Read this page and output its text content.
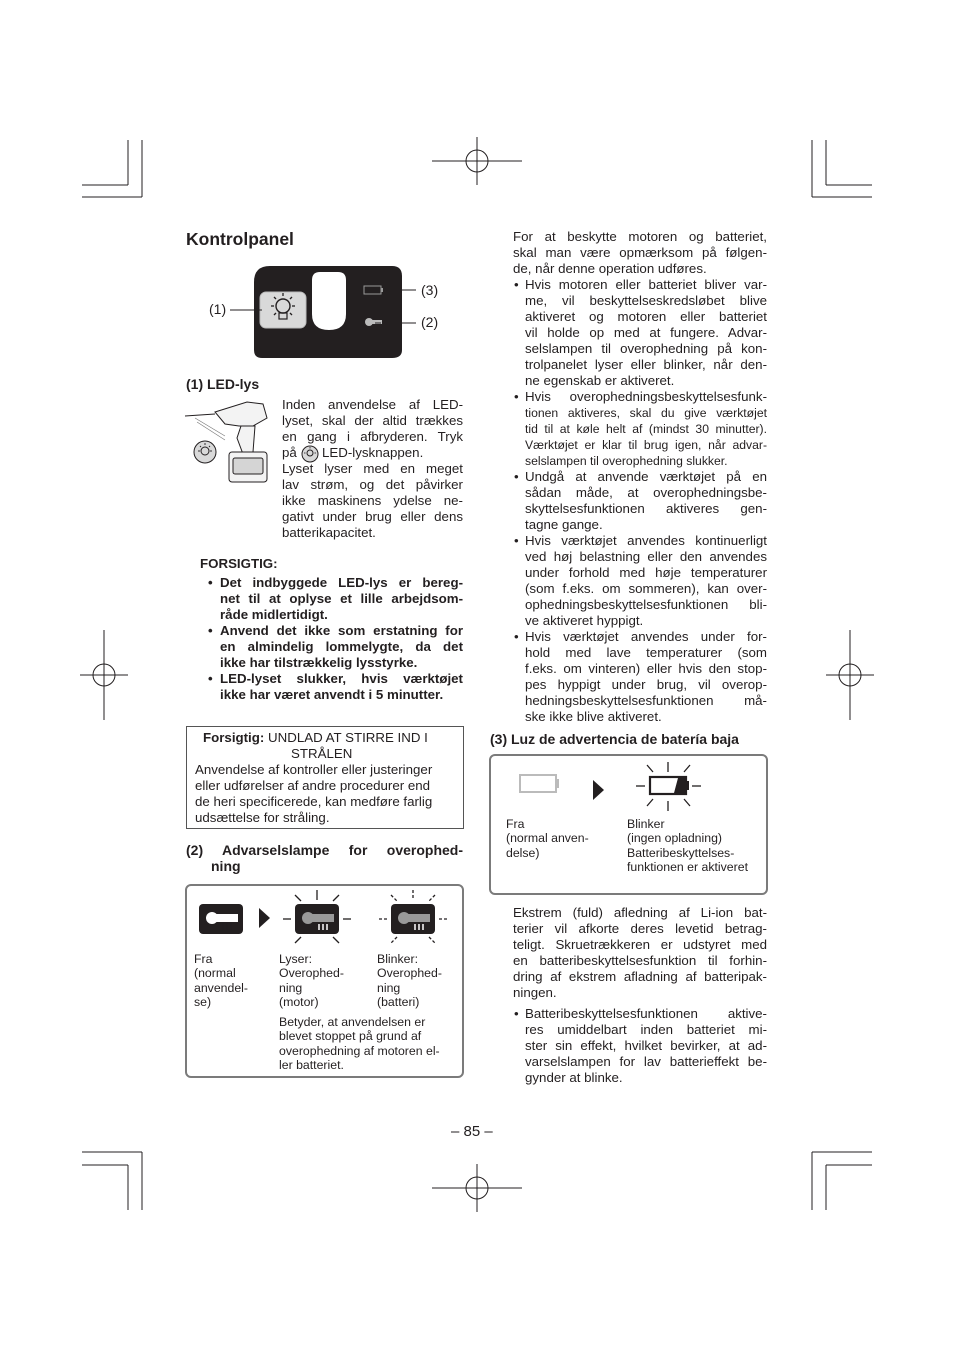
Kontrolpanel
(1)
(3)
(2)
(1) LED-lys
Inden anvendelse af LED-
lyset, skal der altid trækkes
en gang i afbryderen. Tryk
på LED-lysknappen.
Lyset lyser med en meget
lav strøm, og det påvirker
ikke maskinens ydelse ne-
gativt under brug eller dens
batterikapacitet.
FORSIGTIG:
• Det indbyggede LED-lys er bereg-
net til at oplyse et lille arbejdsom-
råde midlertidigt.
• Anvend det ikke som erstatning for
en almindelig lommelygte, da det
ikke har tilstrækkelig lysstyrke.
• LED-lyset slukker, hvis værktøjet
ikke har været anvendt i 5 minutter.
Forsigtig: UNDLAD AT STIRRE IND I
STRÅLEN
Anvendelse af kontroller eller justeringer
eller udførelser af andre procedurer end
de heri specificerede, kan medføre farlig
udsættelse for stråling.
(2) Advarselslampe for overophed-
ning
Fra
(normal
anvendel-
se)
Lyser:
Overophed-
ning
(motor)
Blinker:
Overophed-
ning
(batteri)
Betyder, at anvendelsen er
blevet stoppet på grund af
overophedning af motoren el-
ler batteriet.
For at beskytte motoren og batteriet,
skal man være opmærksom på følgen-
de, når denne operation udføres.
• Hvis motoren eller batteriet bliver var-
me, vil beskyttelseskredsløbet blive
aktiveret og motoren eller batteriet
vil holde op med at fungere. Advar-
selslampen til overophedning på kon-
trolpanelet lyser eller blinker, når den-
ne egenskab er aktiveret.
• Hvis overophedningsbeskyttelsesfunk-
tionen aktiveres, skal du give værktøjet
tid til at køle helt af (mindst 30 minutter).
Værktøjet er klar til brug igen, når advar-
selslampen til overophedning slukker.
• Undgå at anvende værktøjet på en
sådan måde, at overophedningsbe-
skyttelsesfunktionen aktiveres gen-
tagne gange.
• Hvis værktøjet anvendes kontinuerligt
ved høj belastning eller den anvendes
under forhold med høje temperaturer
(som f.eks. om sommeren), kan over-
ophedningsbeskyttelsesfunktionen bli-
ve aktiveret hyppigt.
• Hvis værktøjet anvendes under for-
hold med lave temperaturer (som
f.eks. om vinteren) eller hvis den stop-
pes hyppigt under brug, vil overop-
hedningsbeskyttelsesfunktionen må-
ske ikke blive aktiveret.
(3) Luz de advertencia de batería baja
Fra
(normal anven-
delse)
Blinker
(ingen opladning)
Batteribeskyttelses-
funktionen er aktiveret
Ekstrem (fuld) afledning af Li-ion bat-
terier vil afkorte deres levetid betrag-
teligt. Skruetrækkeren er udstyret med
en batteribeskyttelsesfunktion til forhin-
dring af ekstrem afladning af batteripak-
ningen.
• Batteribeskyttelsesfunktionen aktive-
res umiddelbart inden batteriet mi-
ster sin effekt, hvilket bevirker, at ad-
varselslampen for lav batterieffekt be-
gynder at blinke.
– 85 –
